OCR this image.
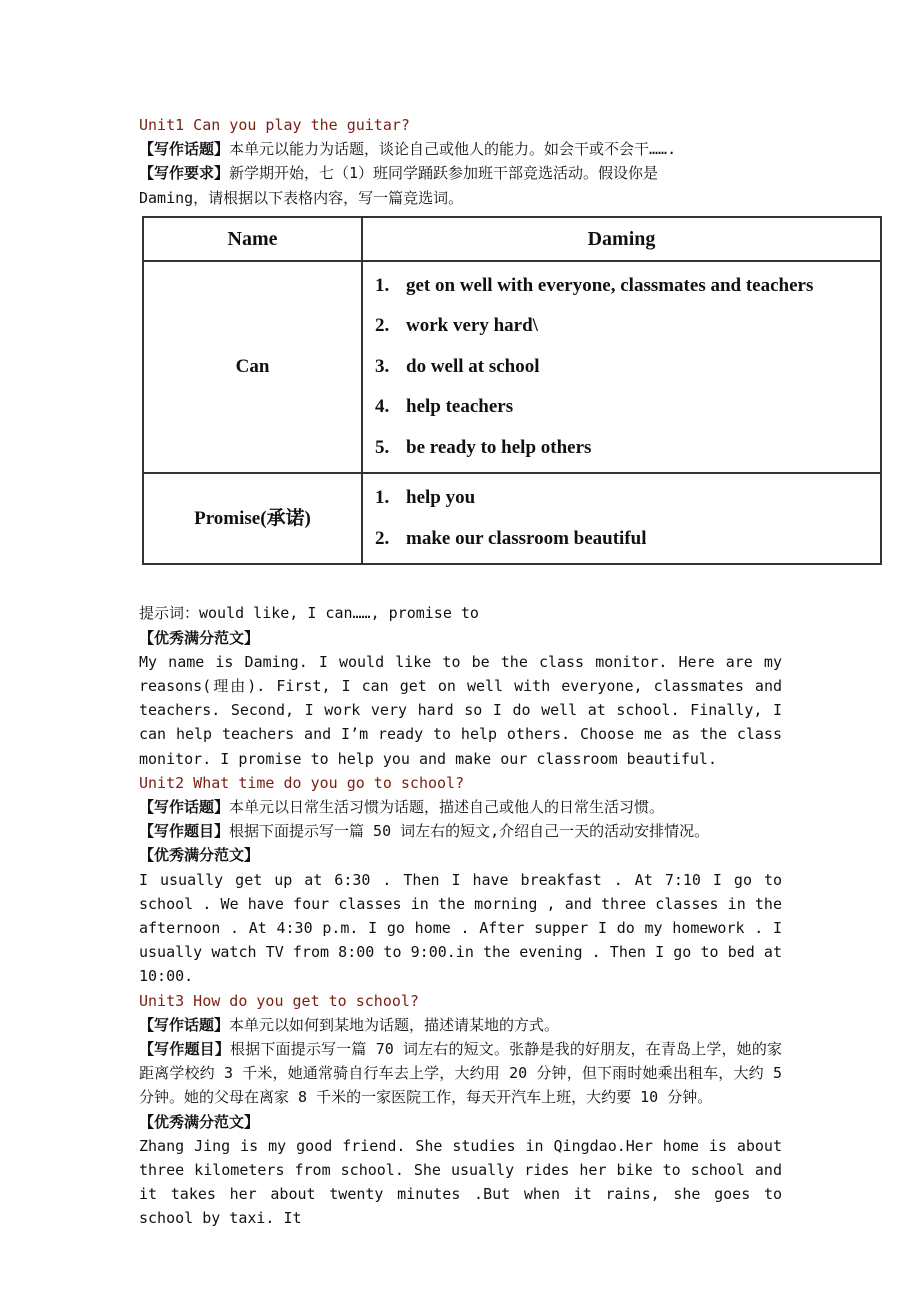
Unit1 Can you play the guitar?
【写作话题】本单元以能力为话题，谈论自己或他人的能力。如会干或不会干…….
【写作要求】新学期开始，七（1）班同学踊跃参加班干部竞选活动。假设你是
Daming，请根据以下表格内容，写一篇竞选词。
Name	Daming
Can	1. get on well with everyone, classmates and teachers
2. work very hard\
3. do well at school
4. help teachers
5. be ready to help others

Promise(承诺)	1. help you
2. make our classroom beautiful
提示词：would like, I can……, promise to
【优秀满分范文】
My name is Daming. I would like to be the class monitor. Here are my reasons(理由). First, I can get on well with everyone, classmates and teachers. Second, I work very hard so I do well at school. Finally, I can help teachers and I’m ready to help others. Choose me as the class monitor. I promise to help you and make our classroom beautiful.
Unit2 What time do you go to school?
【写作话题】本单元以日常生活习惯为话题，描述自己或他人的日常生活习惯。
【写作题目】根据下面提示写一篇 50 词左右的短文,介绍自己一天的活动安排情况。
【优秀满分范文】
I usually get up at 6:30 . Then I have breakfast . At 7:10 I go to school . We have four classes in the morning , and three classes in the afternoon . At 4:30 p.m. I go home . After supper I do my homework . I usually watch TV from 8:00 to 9:00.in the evening . Then I go to bed at 10:00.
Unit3 How do you get to school?
【写作话题】本单元以如何到某地为话题，描述请某地的方式。
【写作题目】根据下面提示写一篇 70 词左右的短文。张静是我的好朋友，在青岛上学，她的家距离学校约 3 千米，她通常骑自行车去上学，大约用 20 分钟，但下雨时她乘出租车，大约 5 分钟。她的父母在离家 8 千米的一家医院工作，每天开汽车上班，大约要 10 分钟。
【优秀满分范文】
Zhang Jing is my good friend. She studies in Qingdao.Her home is about three kilometers from school. She usually rides her bike to school and it takes her about twenty minutes .But when it rains, she goes to school by taxi. It
